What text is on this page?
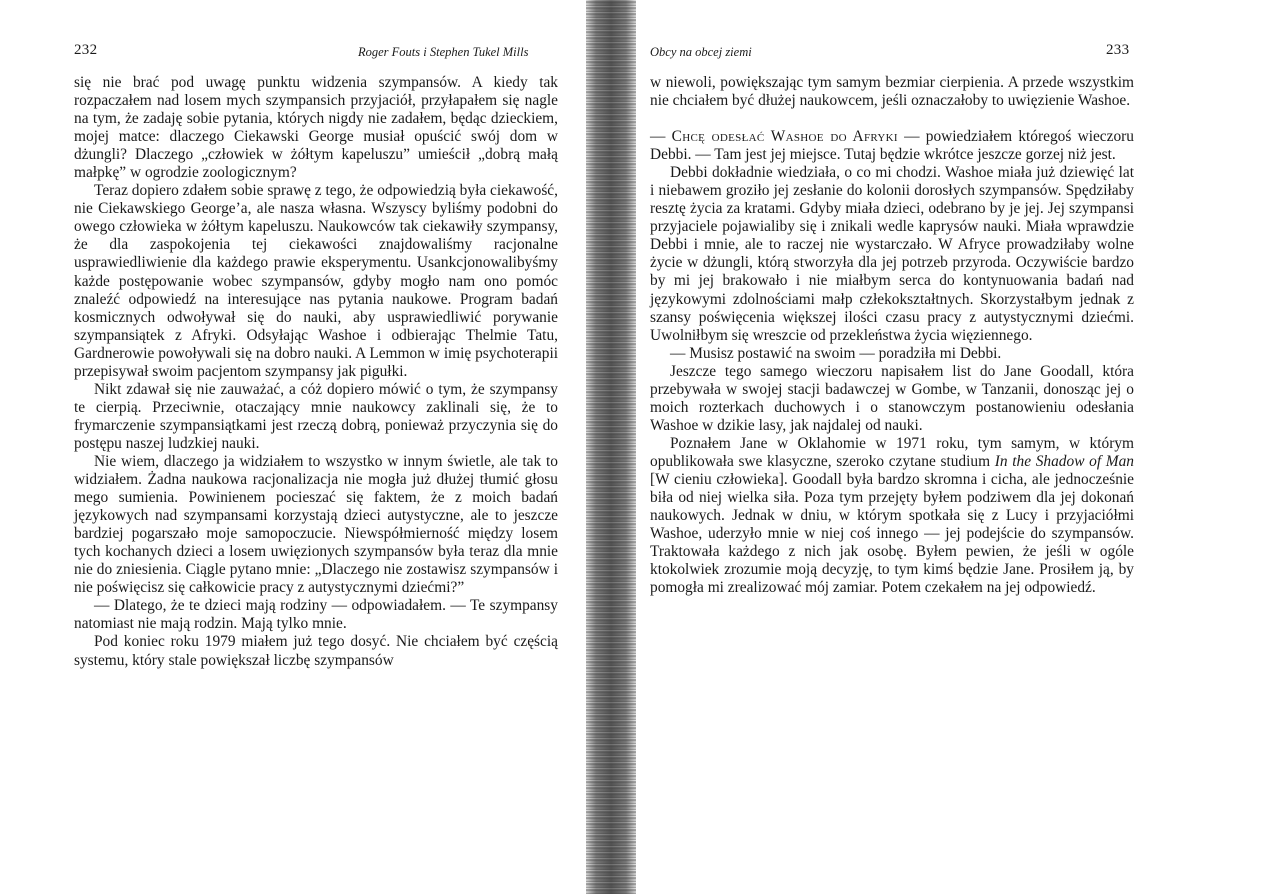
232	Roger Fouts i Stephen Tukel Mills

się nie brać pod uwagę punktu widzenia szympansów. A kiedy tak rozpaczałem nad losem mych szympansich przyjaciół, przyłapałem się nagle na tym, że zadaję sobie pytania, których nigdy nie zadałem, będąc dzieckiem, mojej matce: dlaczego Ciekawski George musiał opuścić swój dom w dżungli? Dlaczego „człowiek w żółtym kapeluszu” umieścił „dobrą małą małpkę” w ogrodzie zoologicznym?

Teraz dopiero zdałem sobie sprawę z tego, że odpowiedzią była ciekawość, nie Ciekawskiego George’a, ale nasza własna. Wszyscy byliśmy podobni do owego człowieka w żółtym kapeluszu. Naukowców tak ciekawiły szympansy, że dla zaspokojenia tej ciekawości znajdowaliśmy racjonalne usprawiedliwienie dla każdego prawie eksperymentu. Usankcjonowalibyśmy każde postępowanie wobec szympansów, gdyby mogło nam ono pomóc znaleźć odpowiedź na interesujące nas pytania naukowe. Program badań kosmicznych odwoływał się do nauki, aby usprawiedliwić porywanie szympansiątek z Afryki. Odsyłając Washoe i odbierając Thelmie Tatu, Gardnerowie powoływali się na dobro nauki. A Lemmon w imię psychoterapii przepisywał swoim pacjentom szympansy jak pigułki.

Nikt zdawał się nie zauważać, a cóż dopiero mówić o tym, że szympansy te cierpią. Przeciwnie, otaczający mnie naukowcy zaklinali się, że to frymarczenie szympansiątkami jest rzeczą dobrą, ponieważ przyczynia się do postępu naszej ludzkiej nauki.

Nie wiem, dlaczego ja widziałem to wszystko w innym świetle, ale tak to widziałem. Żadna naukowa racjonalizacja nie mogła już dłużej tłumić głosu mego sumienia. Powinienem pocieszać się faktem, że z moich badań językowych nad szympansami korzystają dzieci autystyczne, ale to jeszcze bardziej pogarszało moje samopoczucie. Niewspółmierność między losem tych kochanych dzieci a losem uwięzionych szympansów była teraz dla mnie nie do zniesienia. Ciągle pytano mnie: „Dlaczego nie zostawisz szympansów i nie poświęcisz się całkowicie pracy z autystycznymi dziećmi?”

— Dlatego, że te dzieci mają rodziny — odpowiadałem. — Te szympansy natomiast nie mają rodzin. Mają tylko mnie.

Pod koniec roku 1979 miałem już tego dosyć. Nie chciałem być częścią systemu, który stale powiększał liczbę szympansów

Obcy na obcej ziemi	233

w niewoli, powiększając tym samym bezmiar cierpienia. A przede wszystkim nie chciałem być dłużej naukowcem, jeśli oznaczałoby to uwięzienie Washoe.

— Chcę odesłać Washoe do Afryki — powiedziałem któregoś wieczoru Debbi. — Tam jest jej miejsce. Tutaj będzie wkrótce jeszcze gorzej niż jest.

Debbi dokładnie wiedziała, o co mi chodzi. Washoe miała już dziewięć lat i niebawem groziło jej zesłanie do kolonii dorosłych szympansów. Spędziłaby resztę życia za kratami. Gdyby miała dzieci, odebrano by je jej. Jej szympansi przyjaciele pojawialiby się i znikali wedle kaprysów nauki. Miała wprawdzie Debbi i mnie, ale to raczej nie wystarczało. W Afryce prowadziłaby wolne życie w dżungli, którą stworzyła dla jej potrzeb przyroda. Oczywiście bardzo by mi jej brakowało i nie miałbym serca do kontynuowania badań nad językowymi zdolnościami małp człekokształtnych. Skorzystałbym jednak z szansy poświęcenia większej ilości czasu pracy z autystycznymi dziećmi. Uwolniłbym się wreszcie od przekleństwa życia więziennego.

— Musisz postawić na swoim — poradziła mi Debbi.

Jeszcze tego samego wieczoru napisałem list do Jane Goodall, która przebywała w swojej stacji badawczej w Gombe, w Tanzanii, donosząc jej o moich rozterkach duchowych i o stanowczym postanowieniu odesłania Washoe w dzikie lasy, jak najdalej od nauki.

Poznałem Jane w Oklahomie w 1971 roku, tym samym, w którym opublikowała swe klasyczne, szeroko czytane studium In the Shadow of Man [W cieniu człowieka]. Goodall była bardzo skromna i cicha, ale jednocześnie biła od niej wielka siła. Poza tym przejęty byłem podziwem dla jej dokonań naukowych. Jednak w dniu, w którym spotkała się z Lucy i przyjaciółmi Washoe, uderzyło mnie w niej coś innego — jej podejście do szympansów. Traktowała każdego z nich jak osobę. Byłem pewien, że jeśli w ogóle ktokolwiek zrozumie moją decyzję, to tym kimś będzie Jane. Prosiłem ją, by pomogła mi zrealizować mój zamiar. Potem czekałem na jej odpowiedź.
